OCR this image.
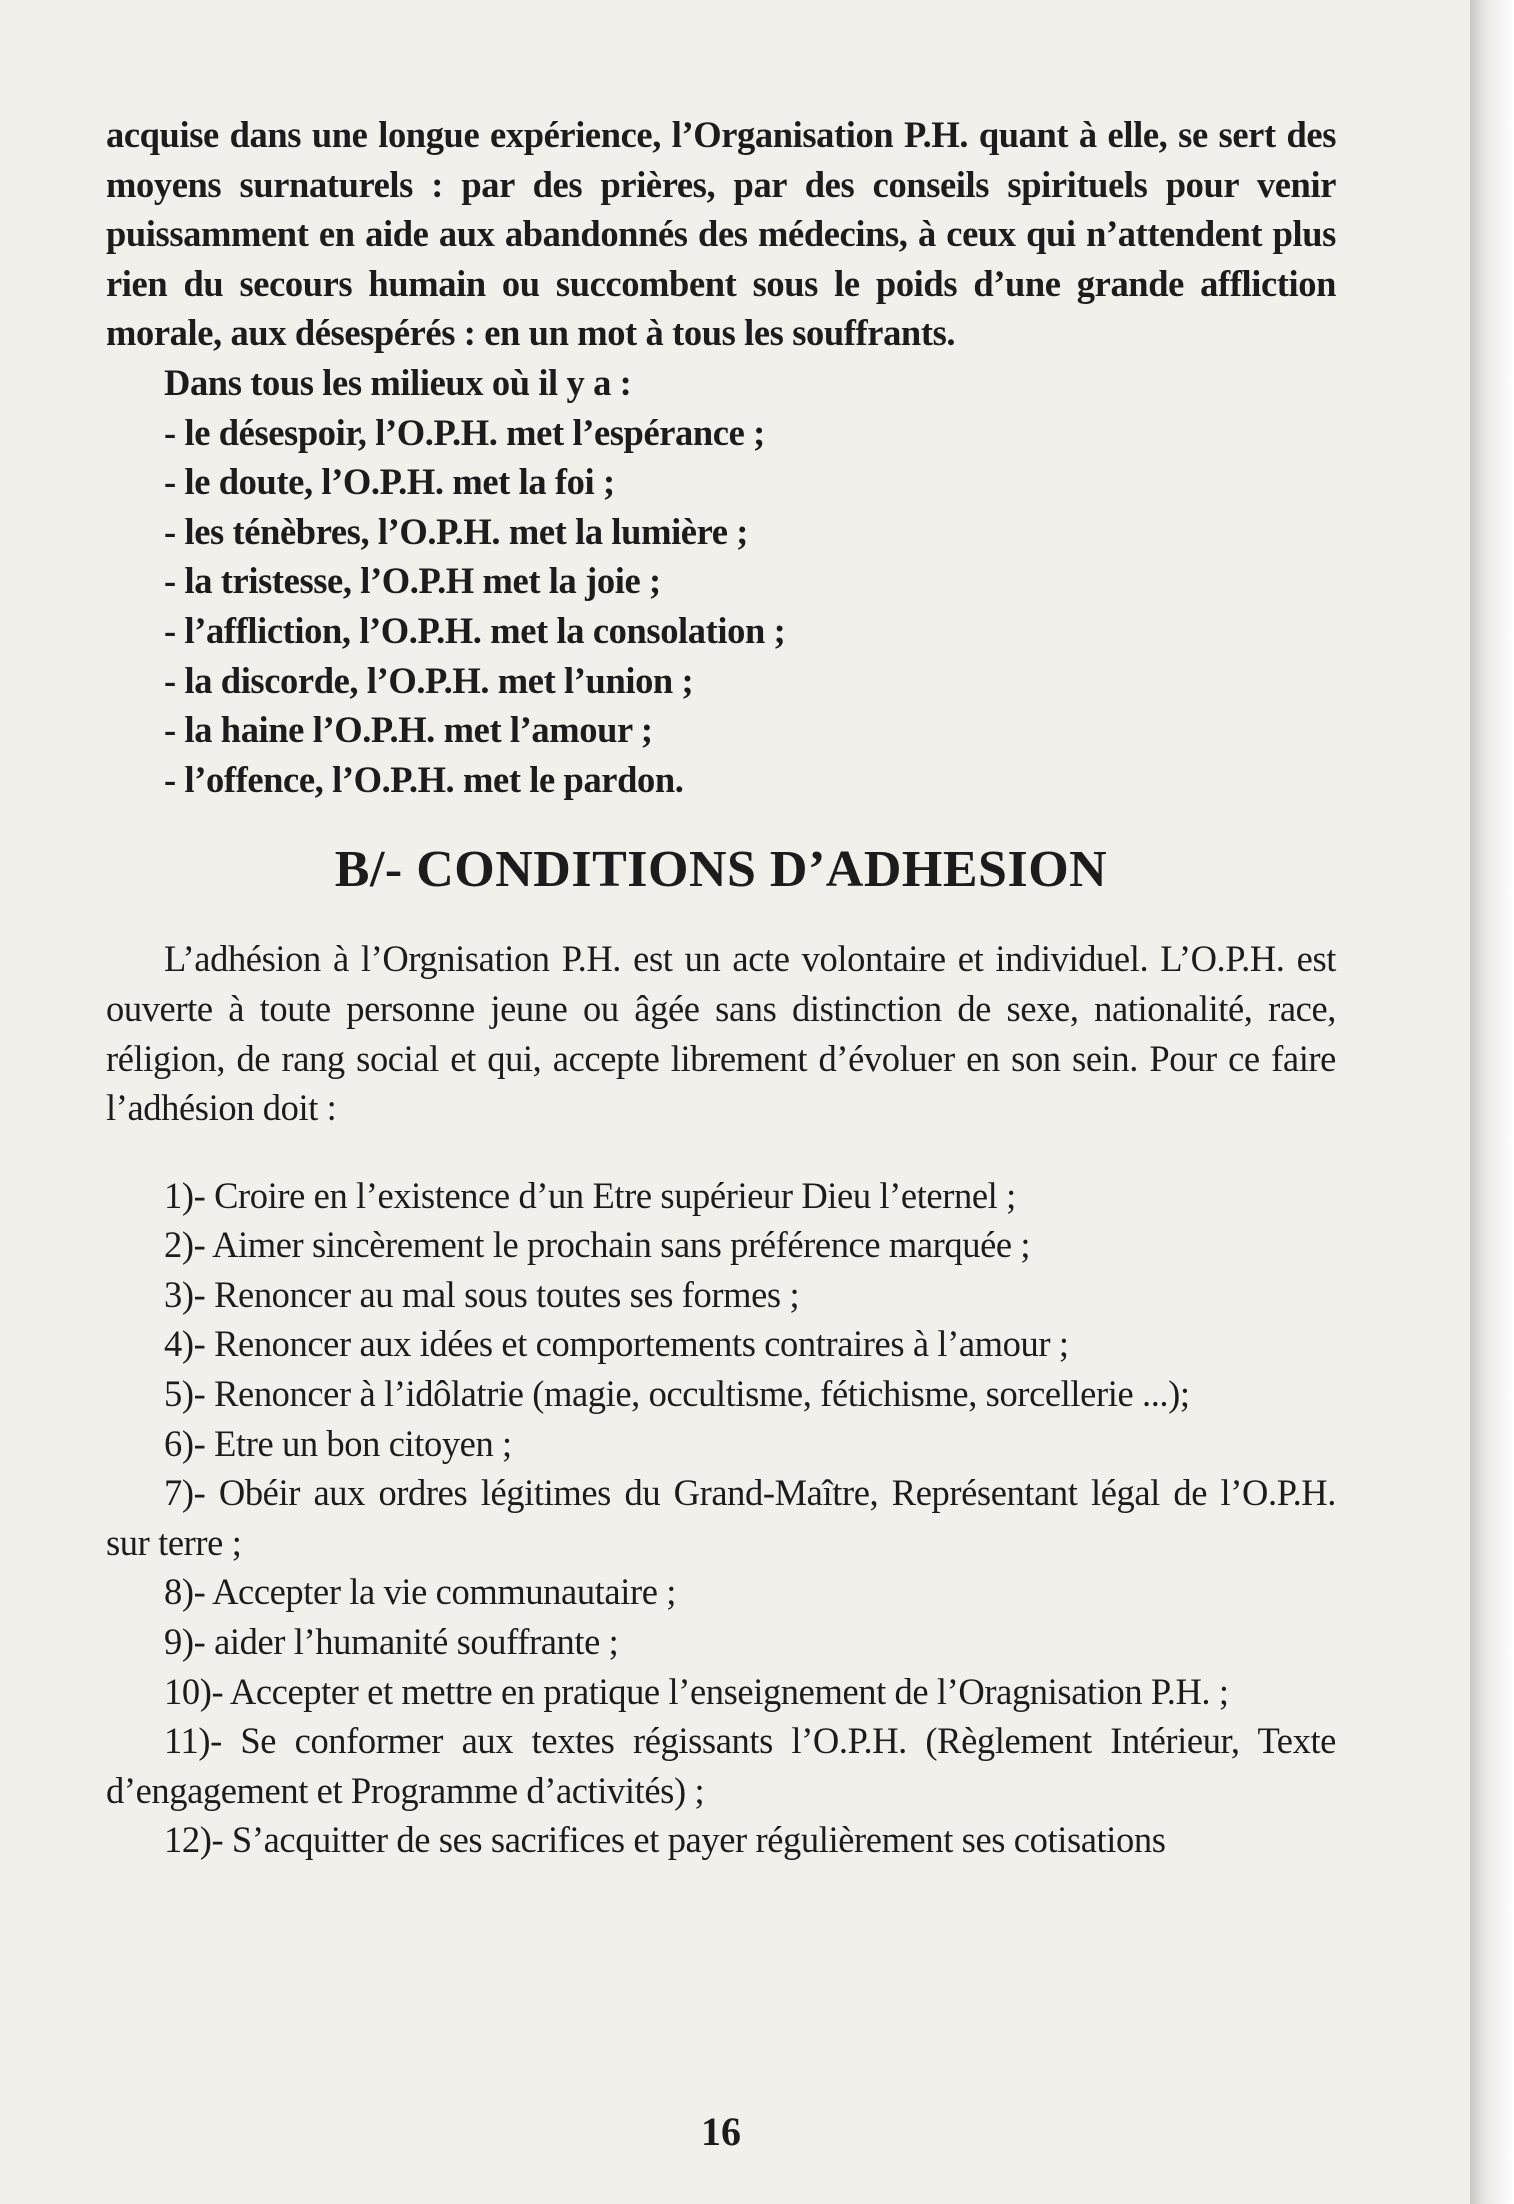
acquise dans une longue expérience, l’Organisation P.H. quant à elle, se sert des moyens surnaturels : par des prières, par des conseils spirituels pour venir puissamment en aide aux abandonnés des médecins, à ceux qui n’attendent plus rien du secours humain ou succombent sous le poids d’une grande affliction morale, aux désespérés : en un mot à tous les souffrants.

Dans tous les milieux où il y a :

- le désespoir, l’O.P.H. met l’espérance ;
- le doute, l’O.P.H. met la foi ;
- les ténèbres, l’O.P.H. met la lumière ;
- la tristesse, l’O.P.H met la joie ;
- l’affliction, l’O.P.H. met la consolation ;
- la discorde, l’O.P.H. met l’union ;
- la haine l’O.P.H. met l’amour ;
- l’offence, l’O.P.H. met le pardon.
B/- CONDITIONS D’ADHESION

L’adhésion à l’Orgnisation P.H. est un acte volontaire et individuel. L’O.P.H. est ouverte à toute personne jeune ou âgée sans distinction de sexe, nationalité, race, réligion, de rang social et qui, accepte librement d’évoluer en son sein. Pour ce faire l’adhésion doit :

1)- Croire en l’existence d’un Etre supérieur Dieu l’eternel ;
2)- Aimer sincèrement le prochain sans préférence marquée ;
3)- Renoncer au mal sous toutes ses formes ;
4)- Renoncer aux idées et comportements contraires à l’amour ;
5)- Renoncer à l’idôlatrie (magie, occultisme, fétichisme, sorcellerie ...);
6)- Etre un bon citoyen ;
7)- Obéir aux ordres légitimes du Grand-Maître, Représentant légal de l’O.P.H. sur terre ;
8)- Accepter la vie communautaire ;
9)- aider l’humanité souffrante ;
10)- Accepter et mettre en pratique l’enseignement de l’Oragnisation P.H. ;
11)- Se conformer aux textes régissants l’O.P.H. (Règlement Intérieur, Texte d’engagement et Programme d’activités) ;
12)- S’acquitter de ses sacrifices et payer régulièrement ses cotisations
16
